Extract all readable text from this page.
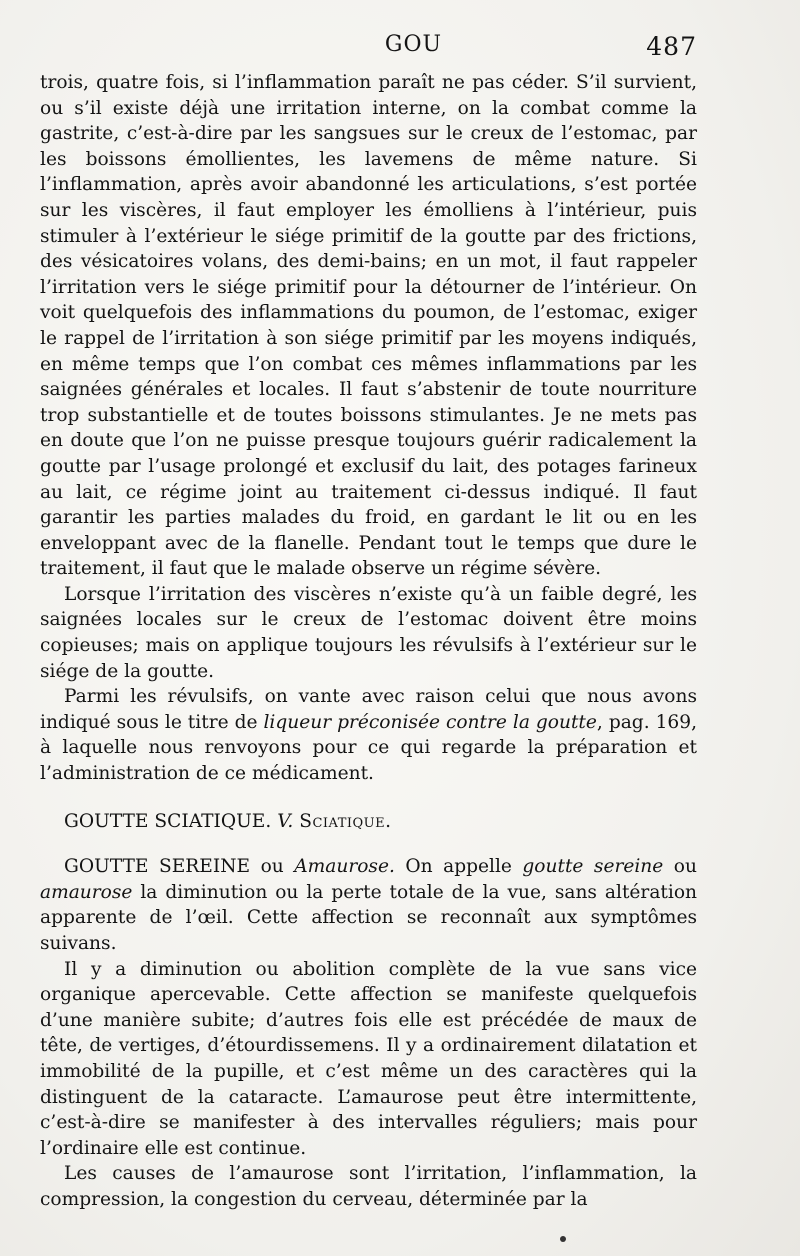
GOU	487

trois, quatre fois, si l’inflammation paraît ne pas céder. S’il survient, ou s’il existe déjà une irritation interne, on la combat comme la gastrite, c’est-à-dire par les sangsues sur le creux de l’estomac, par les boissons émollientes, les lavemens de même nature. Si l’inflammation, après avoir abandonné les articulations, s’est portée sur les viscères, il faut employer les émolliens à l’intérieur, puis stimuler à l’extérieur le siége primitif de la goutte par des frictions, des vésicatoires volans, des demi-bains; en un mot, il faut rappeler l’irritation vers le siége primitif pour la détourner de l’intérieur. On voit quelquefois des inflammations du poumon, de l’estomac, exiger le rappel de l’irritation à son siége primitif par les moyens indiqués, en même temps que l’on combat ces mêmes inflammations par les saignées générales et locales. Il faut s’abstenir de toute nourriture trop substantielle et de toutes boissons stimulantes. Je ne mets pas en doute que l’on ne puisse presque toujours guérir radicalement la goutte par l’usage prolongé et exclusif du lait, des potages farineux au lait, ce régime joint au traitement ci-dessus indiqué. Il faut garantir les parties malades du froid, en gardant le lit ou en les enveloppant avec de la flanelle. Pendant tout le temps que dure le traitement, il faut que le malade observe un régime sévère.

Lorsque l’irritation des viscères n’existe qu’à un faible degré, les saignées locales sur le creux de l’estomac doivent être moins copieuses; mais on applique toujours les révulsifs à l’extérieur sur le siége de la goutte.

Parmi les révulsifs, on vante avec raison celui que nous avons indiqué sous le titre de liqueur préconisée contre la goutte, pag. 169, à laquelle nous renvoyons pour ce qui regarde la préparation et l’administration de ce médicament.

GOUTTE SCIATIQUE. V. Sciatique.

GOUTTE SEREINE ou Amaurose. On appelle goutte sereine ou amaurose la diminution ou la perte totale de la vue, sans altération apparente de l’œil. Cette affection se reconnaît aux symptômes suivans.

Il y a diminution ou abolition complète de la vue sans vice organique apercevable. Cette affection se manifeste quelquefois d’une manière subite; d’autres fois elle est précédée de maux de tête, de vertiges, d’étourdissemens. Il y a ordinairement dilatation et immobilité de la pupille, et c’est même un des caractères qui la distinguent de la cataracte. L’amaurose peut être intermittente, c’est-à-dire se manifester à des intervalles réguliers; mais pour l’ordinaire elle est continue.

Les causes de l’amaurose sont l’irritation, l’inflammation, la compression, la congestion du cerveau, déterminée par la
